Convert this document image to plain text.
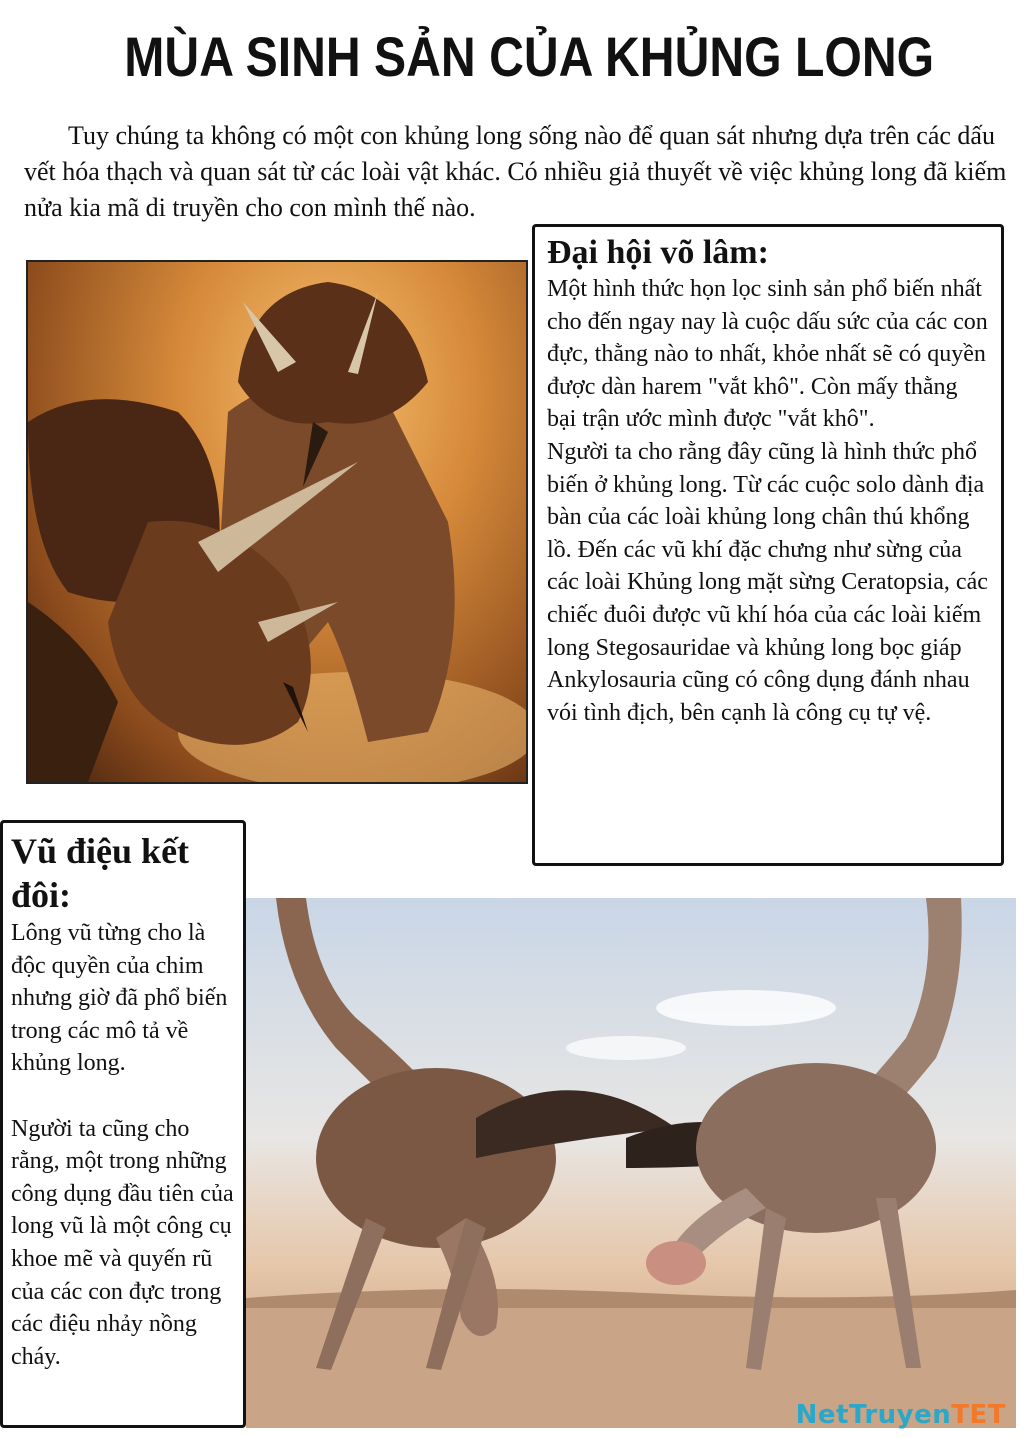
MÙA SINH SẢN CỦA KHỦNG LONG

Tuy chúng ta không có một con khủng long sống nào để quan sát nhưng dựa trên các dấu vết hóa thạch và quan sát từ các loài vật khác. Có nhiều giả thuyết về việc khủng long đã kiếm nửa kia mã di truyền cho con mình thế nào.

Đại hội võ lâm:

Một hình thức họn lọc sinh sản phổ biến nhất cho đến ngay nay là cuộc dấu sức của các con đực, thằng nào to nhất, khỏe nhất sẽ có quyền được dàn harem "vắt khô". Còn mấy thằng bại trận ước mình được "vắt khô".
Người ta cho rằng đây cũng là hình thức phổ biến ở khủng long. Từ các cuộc solo dành địa bàn của các loài khủng long chân thú khổng lồ. Đến các vũ khí đặc chưng như sừng của các loài Khủng long mặt sừng Ceratopsia, các chiếc đuôi được vũ khí hóa của các loài kiếm long Stegosauridae và khủng long bọc giáp Ankylosauria cũng có công dụng đánh nhau vói tình địch, bên cạnh là công cụ tự vệ.

Vũ điệu kết đôi:

Lông vũ từng cho là độc quyền của chim nhưng giờ đã phổ biến trong các mô tả về khủng long.

Người ta cũng cho rằng, một trong những công dụng đầu tiên của long vũ là một công cụ khoe mẽ và quyến rũ của các con đực trong các điệu nhảy nồng cháy.

NetTruyenTET
